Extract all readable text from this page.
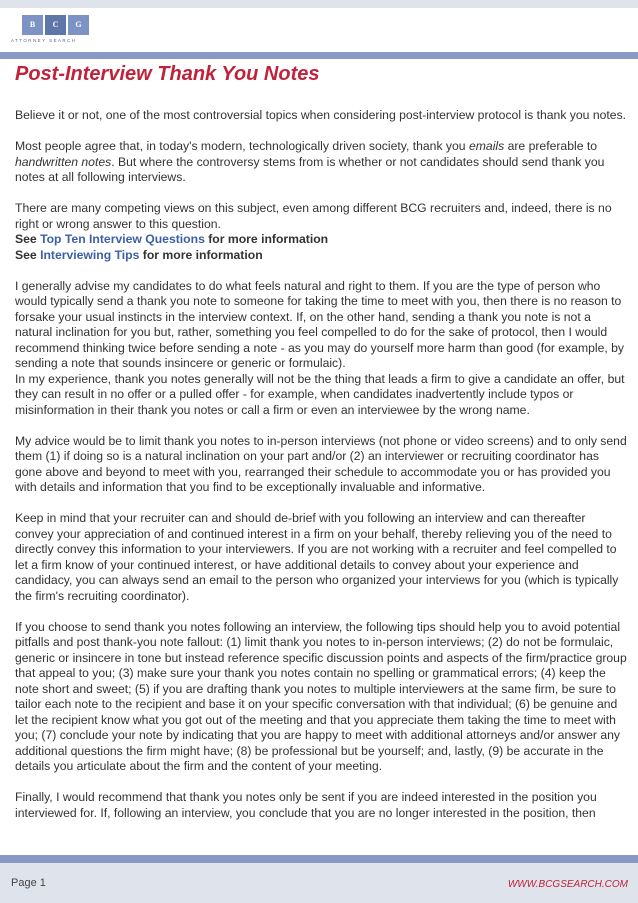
B	C	G
ATTORNEY SEARCH
Post-Interview Thank You Notes

Believe it or not, one of the most controversial topics when considering post-interview protocol is thank you notes.

Most people agree that, in today's modern, technologically driven society, thank you emails are preferable to handwritten notes. But where the controversy stems from is whether or not candidates should send thank you notes at all following interviews.

There are many competing views on this subject, even among different BCG recruiters and, indeed, there is no right or wrong answer to this question.

See Top Ten Interview Questions for more information

See Interviewing Tips for more information

I generally advise my candidates to do what feels natural and right to them. If you are the type of person who would typically send a thank you note to someone for taking the time to meet with you, then there is no reason to forsake your usual instincts in the interview context. If, on the other hand, sending a thank you note is not a natural inclination for you but, rather, something you feel compelled to do for the sake of protocol, then I would recommend thinking twice before sending a note - as you may do yourself more harm than good (for example, by sending a note that sounds insincere or generic or formulaic).

In my experience, thank you notes generally will not be the thing that leads a firm to give a candidate an offer, but they can result in no offer or a pulled offer - for example, when candidates inadvertently include typos or misinformation in their thank you notes or call a firm or even an interviewee by the wrong name.

My advice would be to limit thank you notes to in-person interviews (not phone or video screens) and to only send them (1) if doing so is a natural inclination on your part and/or (2) an interviewer or recruiting coordinator has gone above and beyond to meet with you, rearranged their schedule to accommodate you or has provided you with details and information that you find to be exceptionally invaluable and informative.

Keep in mind that your recruiter can and should de-brief with you following an interview and can thereafter convey your appreciation of and continued interest in a firm on your behalf, thereby relieving you of the need to directly convey this information to your interviewers. If you are not working with a recruiter and feel compelled to let a firm know of your continued interest, or have additional details to convey about your experience and candidacy, you can always send an email to the person who organized your interviews for you (which is typically the firm's recruiting coordinator).

If you choose to send thank you notes following an interview, the following tips should help you to avoid potential pitfalls and post thank-you note fallout: (1) limit thank you notes to in-person interviews; (2) do not be formulaic, generic or insincere in tone but instead reference specific discussion points and aspects of the firm/practice group that appeal to you; (3) make sure your thank you notes contain no spelling or grammatical errors; (4) keep the note short and sweet; (5) if you are drafting thank you notes to multiple interviewers at the same firm, be sure to tailor each note to the recipient and base it on your specific conversation with that individual; (6) be genuine and let the recipient know what you got out of the meeting and that you appreciate them taking the time to meet with you; (7) conclude your note by indicating that you are happy to meet with additional attorneys and/or answer any additional questions the firm might have; (8) be professional but be yourself; and, lastly, (9) be accurate in the details you articulate about the firm and the content of your meeting.

Finally, I would recommend that thank you notes only be sent if you are indeed interested in the position you interviewed for. If, following an interview, you conclude that you are no longer interested in the position, then

Page 1	WWW.BCGSEARCH.COM
